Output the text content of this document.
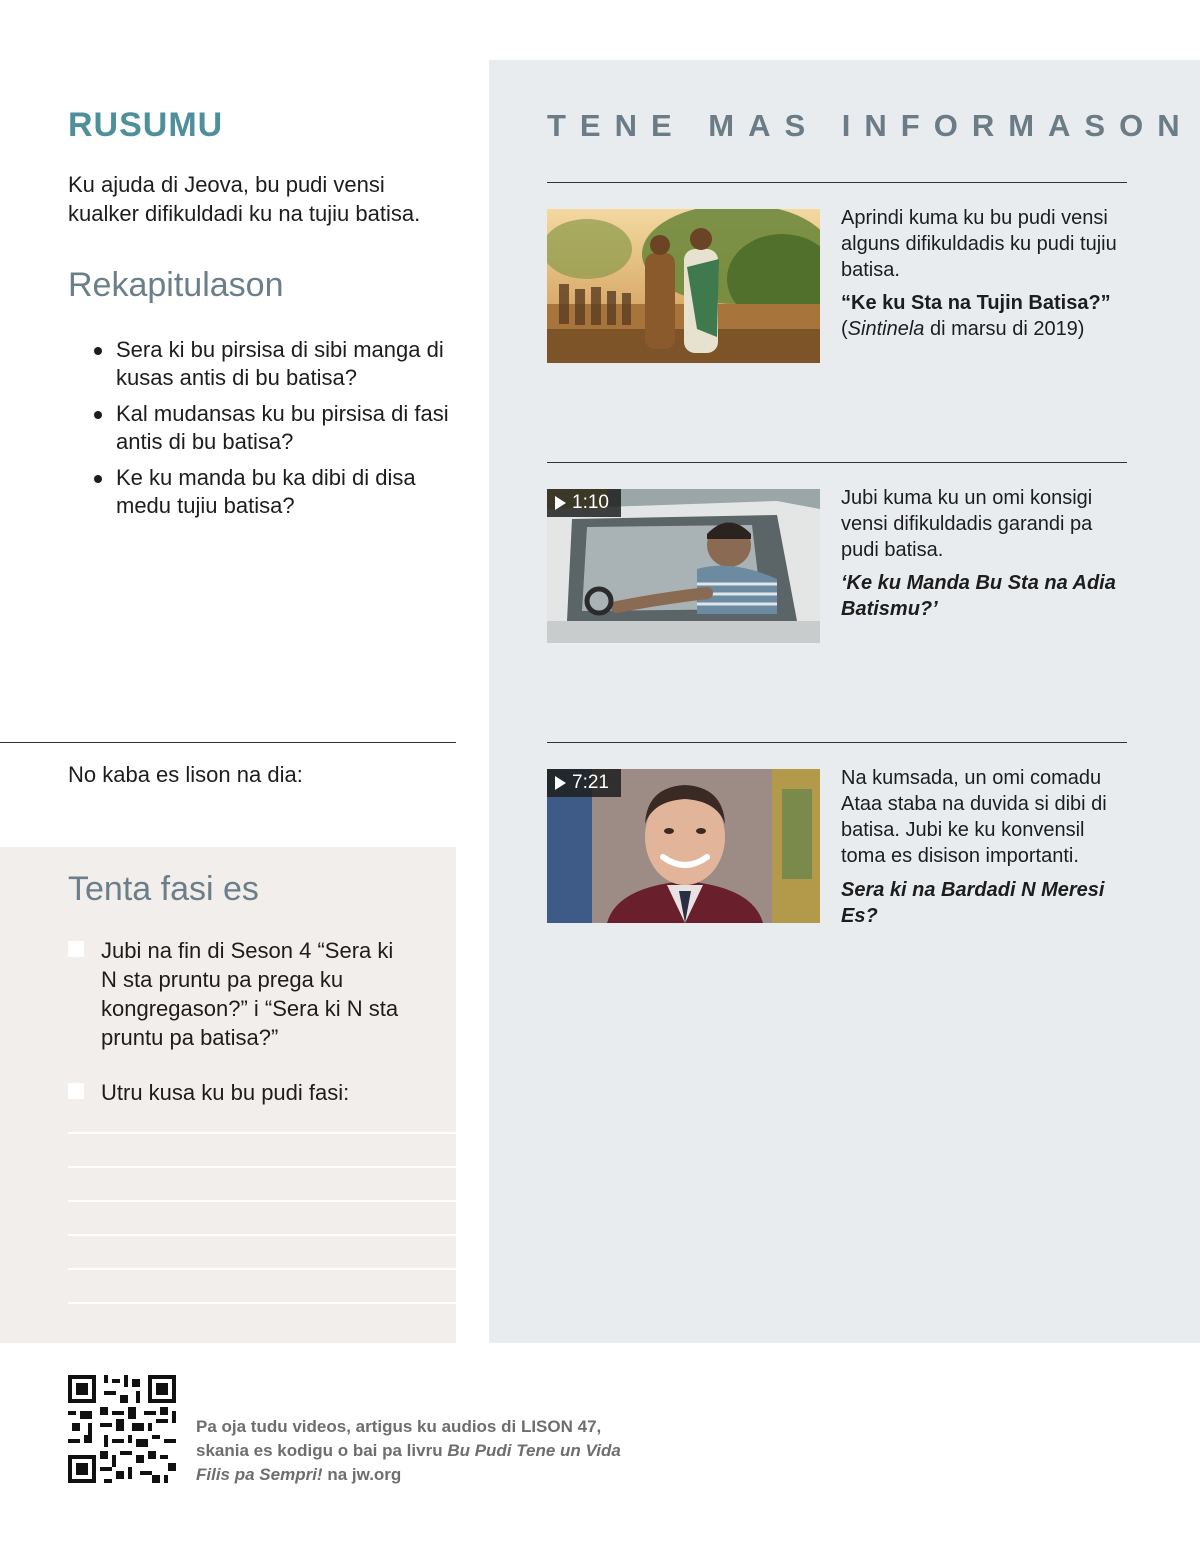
RUSUMU

Ku ajuda di Jeova, bu pudi vensi kualker difikuldadi ku na tujiu batisa.

Rekapitulason
Sera ki bu pirsisa di sibi manga di kusas antis di bu batisa?
Kal mudansas ku bu pirsisa di fasi antis di bu batisa?
Ke ku manda bu ka dibi di disa medu tujiu batisa?

No kaba es lison na dia:

Tenta fasi es
Jubi na fin di Seson 4 “Sera ki N sta pruntu pa prega ku kongregason?” i “Sera ki N sta pruntu pa batisa?”
Utru kusa ku bu pudi fasi:
TENE MAS INFORMASON

Aprindi kuma ku bu pudi vensi alguns difikuldadis ku pudi tujiu batisa.

“Ke ku Sta na Tujin Batisa?”
(Sintinela di marsu di 2019)

1:10	Jubi kuma ku un omi konsigi vensi difikuldadis garandi pa pudi batisa.

‘Ke ku Manda Bu Sta na Adia Batismu?’

7:21	Na kumsada, un omi comadu Ataa staba na duvida si dibi di batisa. Jubi ke ku konvensil toma es disison importanti.

Sera ki na Bardadi N Meresi Es?

Pa oja tudu videos, artigus ku audios di LISON 47, skania es kodigu o bai pa livru Bu Pudi Tene un Vida Filis pa Sempri! na jw.org
